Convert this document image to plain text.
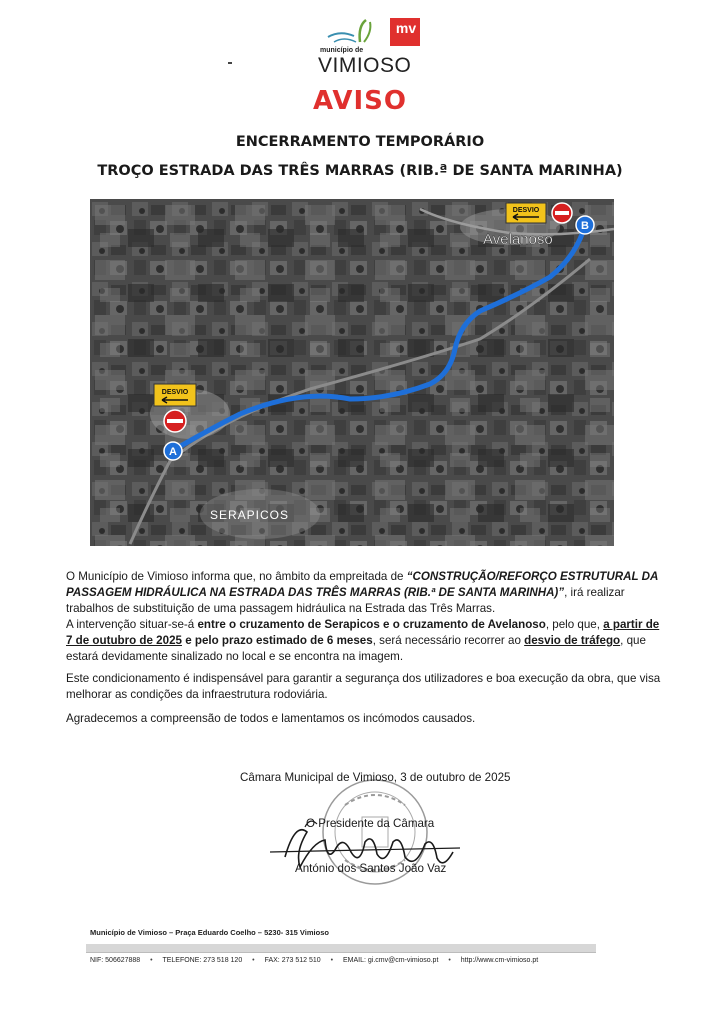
município de
VIMIOSO
mv
AVISO
ENCERRAMENTO TEMPORÁRIO
TROÇO ESTRADA DAS TRÊS MARRAS (RIB.ª DE SANTA MARINHA)
A
B
DESVIO
DESVIO
Avelanoso
SERAPICOS
O Município de Vimioso informa que, no âmbito da empreitada de “CONSTRUÇÃO/REFORÇO ESTRUTURAL DA PASSAGEM HIDRÁULICA NA ESTRADA DAS TRÊS MARRAS (RIB.ª DE SANTA MARINHA)”, irá realizar trabalhos de substituição de uma passagem hidráulica na Estrada das Três Marras.
A intervenção situar-se-á entre o cruzamento de Serapicos e o cruzamento de Avelanoso, pelo que, a partir de 7 de outubro de 2025 e pelo prazo estimado de 6 meses, será necessário recorrer ao desvio de tráfego, que estará devidamente sinalizado no local e se encontra na imagem.
Este condicionamento é indispensável para garantir a segurança dos utilizadores e boa execução da obra, que visa melhorar as condições da infraestrutura rodoviária.
Agradecemos a compreensão de todos e lamentamos os incómodos causados.
Câmara Municipal de Vimioso, 3 de outubro de 2025
O Presidente da Câmara
António dos Santos João Vaz
Município de Vimioso – Praça Eduardo Coelho – 5230- 315 Vimioso
NIF: 506627888 • TELEFONE: 273 518 120 • FAX: 273 512 510 • EMAIL: gi.cmv@cm-vimioso.pt • http://www.cm-vimioso.pt
